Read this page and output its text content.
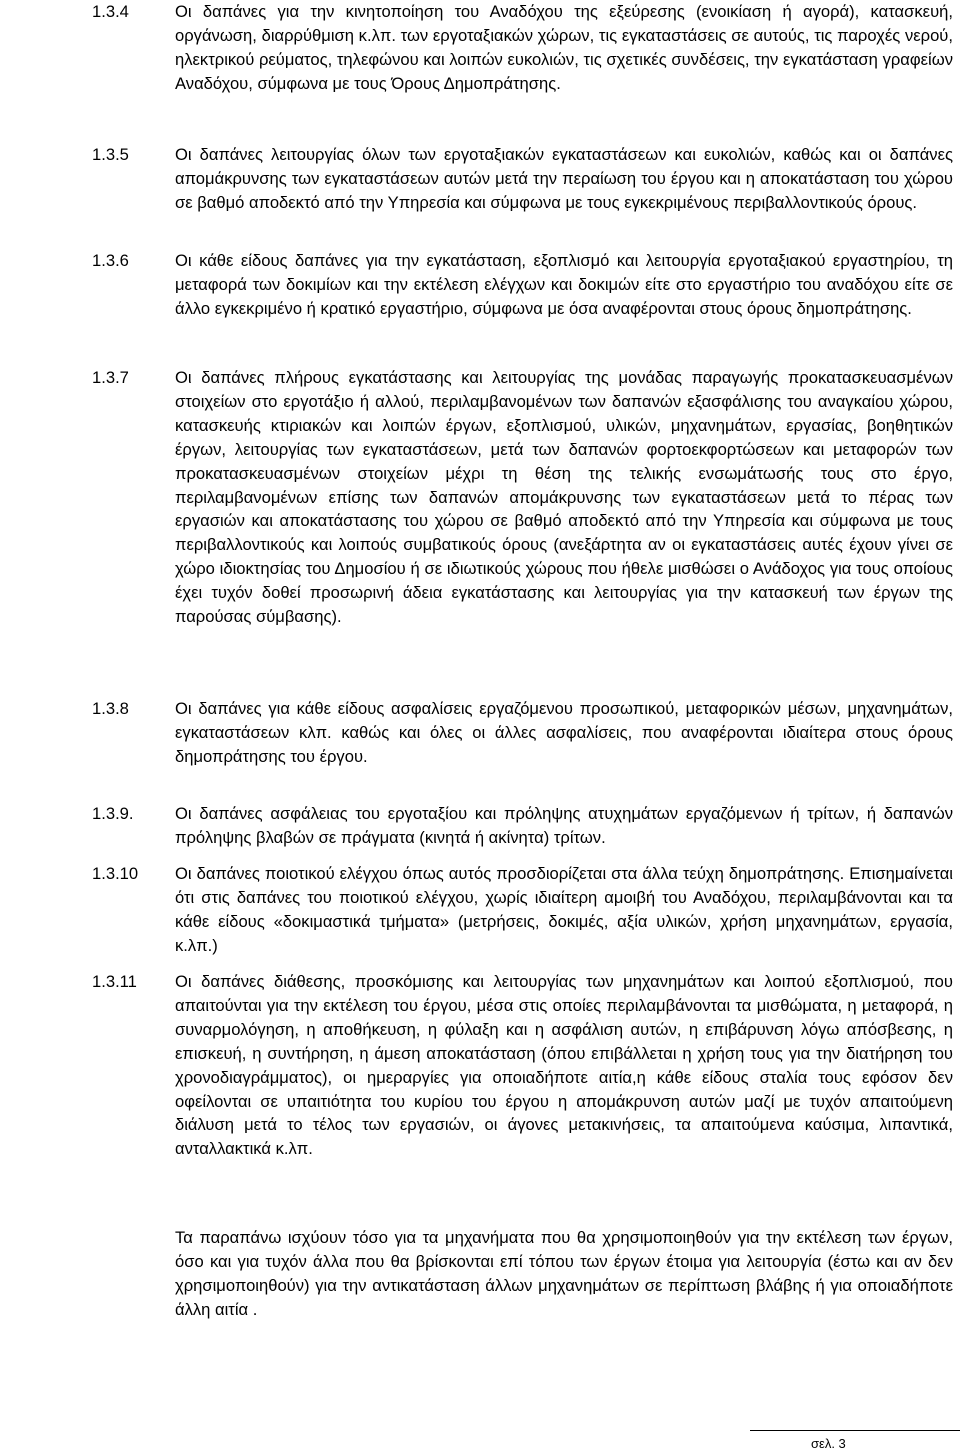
1.3.4	Οι δαπάνες για την κινητοποίηση του Αναδόχου της εξεύρεσης (ενοικίαση ή αγορά), κατασκευή, οργάνωση, διαρρύθμιση κ.λπ. των εργοταξιακών χώρων, τις εγκαταστάσεις σε αυτούς, τις παροχές νερού, ηλεκτρικού ρεύματος, τηλεφώνου και λοιπών ευκολιών, τις σχετικές συνδέσεις, την εγκατάσταση γραφείων Αναδόχου, σύμφωνα με τους Όρους Δημοπράτησης.
1.3.5	Οι δαπάνες λειτουργίας όλων των εργοταξιακών εγκαταστάσεων και ευκολιών, καθώς και οι δαπάνες απομάκρυνσης των εγκαταστάσεων αυτών μετά την περαίωση του έργου και η αποκατάσταση του χώρου σε βαθμό αποδεκτό από την Υπηρεσία και σύμφωνα με τους εγκεκριμένους περιβαλλοντικούς όρους.
1.3.6	Οι κάθε είδους δαπάνες για την εγκατάσταση, εξοπλισμό και λειτουργία εργοταξιακού εργαστηρίου, τη μεταφορά των δοκιμίων και την εκτέλεση ελέγχων και δοκιμών είτε στο εργαστήριο του αναδόχου είτε σε άλλο εγκεκριμένο ή κρατικό εργαστήριο, σύμφωνα με όσα αναφέρονται στους όρους δημοπράτησης.
1.3.7	Οι δαπάνες πλήρους εγκατάστασης και λειτουργίας της μονάδας παραγωγής προκατασκευασμένων στοιχείων στο εργοτάξιο ή αλλού, περιλαμβανομένων των δαπανών εξασφάλισης του αναγκαίου χώρου, κατασκευής κτιριακών και λοιπών έργων, εξοπλισμού, υλικών, μηχανημάτων, εργασίας, βοηθητικών έργων, λειτουργίας των εγκαταστάσεων, μετά των δαπανών φορτοεκφορτώσεων και μεταφορών των προκατασκευασμένων στοιχείων μέχρι τη θέση της τελικής ενσωμάτωσής τους στο έργο, περιλαμβανομένων επίσης των δαπανών απομάκρυνσης των εγκαταστάσεων μετά το πέρας των εργασιών και αποκατάστασης του χώρου σε βαθμό αποδεκτό από την Υπηρεσία και σύμφωνα με τους περιβαλλοντικούς και λοιπούς συμβατικούς όρους (ανεξάρτητα αν οι εγκαταστάσεις αυτές έχουν γίνει σε χώρο ιδιοκτησίας του Δημοσίου ή σε ιδιωτικούς χώρους που ήθελε μισθώσει ο Ανάδοχος για τους οποίους έχει τυχόν δοθεί προσωρινή άδεια εγκατάστασης και λειτουργίας για την κατασκευή των έργων της παρούσας σύμβασης).
1.3.8	Οι δαπάνες για κάθε είδους ασφαλίσεις εργαζόμενου προσωπικού, μεταφορικών μέσων, μηχανημάτων, εγκαταστάσεων κλπ. καθώς και όλες οι άλλες ασφαλίσεις, που αναφέρονται ιδιαίτερα στους όρους δημοπράτησης του έργου.
1.3.9. Οι δαπάνες ασφάλειας του εργοταξίου και πρόληψης ατυχημάτων εργαζόμενων ή τρίτων, ή δαπανών πρόληψης βλαβών σε πράγματα (κινητά ή ακίνητα) τρίτων.
1.3.10 Οι δαπάνες ποιοτικού ελέγχου όπως αυτός προσδιορίζεται στα άλλα τεύχη δημοπράτησης. Επισημαίνεται ότι στις δαπάνες του ποιοτικού ελέγχου, χωρίς ιδιαίτερη αμοιβή του Αναδόχου, περιλαμβάνονται και τα κάθε είδους «δοκιμαστικά τμήματα» (μετρήσεις, δοκιμές, αξία υλικών, χρήση μηχανημάτων, εργασία, κ.λπ.)
1.3.11 Οι δαπάνες διάθεσης, προσκόμισης και λειτουργίας των μηχανημάτων και λοιπού εξοπλισμού, που απαιτούνται για την εκτέλεση του έργου, μέσα στις οποίες περιλαμβάνονται τα μισθώματα, η μεταφορά, η συναρμολόγηση, η αποθήκευση, η φύλαξη και η ασφάλιση αυτών, η επιβάρυνση λόγω απόσβεσης, η επισκευή, η συντήρηση, η άμεση αποκατάσταση (όπου επιβάλλεται η χρήση τους για την διατήρηση του χρονοδιαγράμματος), οι ημεραργίες για οποιαδήποτε αιτία,η κάθε είδους σταλία τους εφόσον δεν οφείλονται σε υπαιτιότητα του κυρίου του έργου η απομάκρυνση αυτών μαζί με τυχόν απαιτούμενη διάλυση μετά το τέλος των εργασιών, οι άγονες μετακινήσεις, τα απαιτούμενα καύσιμα, λιπαντικά, ανταλλακτικά κ.λπ.
Τα παραπάνω ισχύουν τόσο για τα μηχανήματα που θα χρησιμοποιηθούν για την εκτέλεση των έργων, όσο και για τυχόν άλλα που θα βρίσκονται επί τόπου των έργων έτοιμα για λειτουργία (έστω και αν δεν χρησιμοποιηθούν) για την αντικατάσταση άλλων μηχανημάτων σε περίπτωση βλάβης ή για οποιαδήποτε άλλη αιτία .
σελ. 3
